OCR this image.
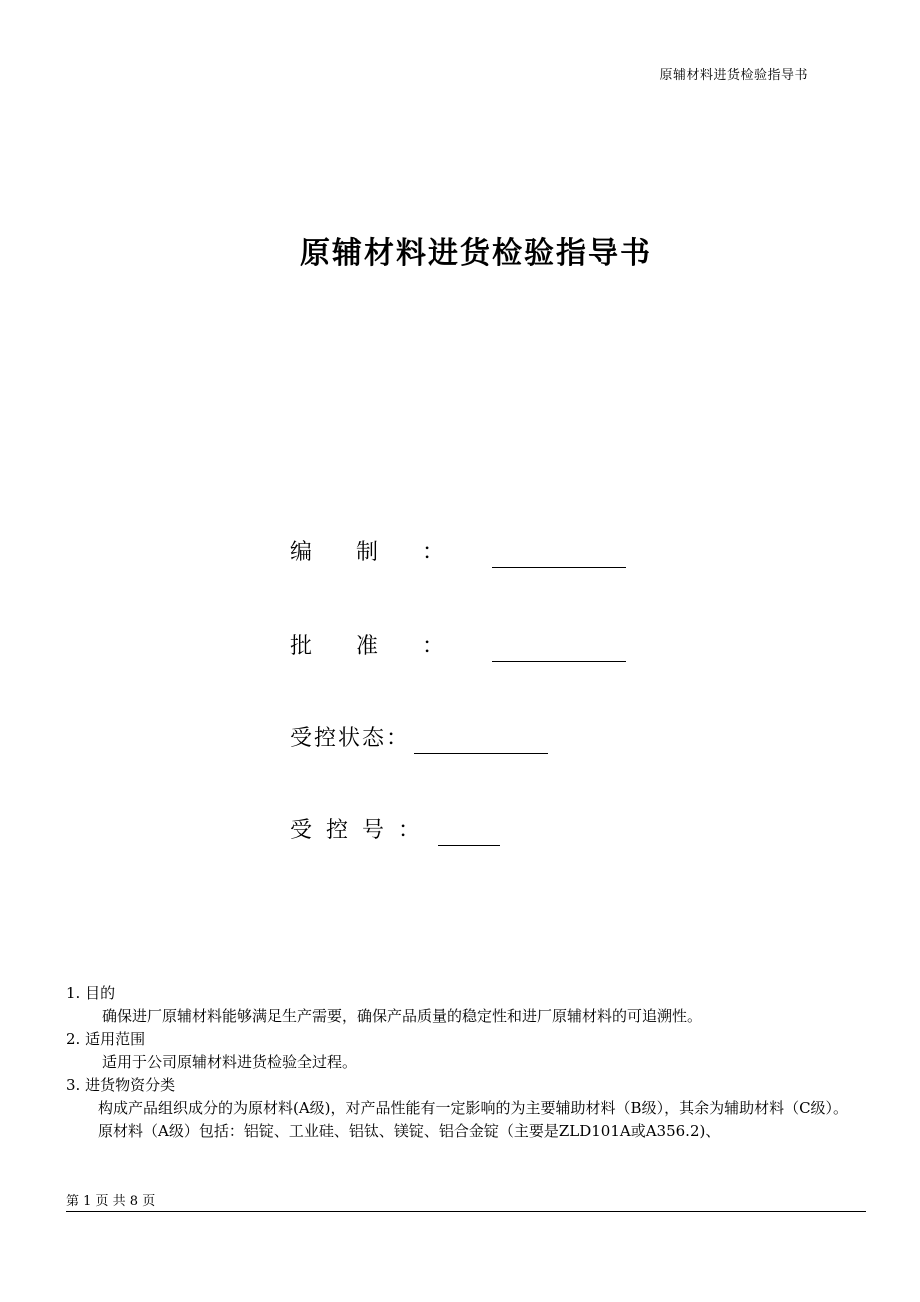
原辅材料进货检验指导书
原辅材料进货检验指导书
编制：
批准：
受控状态：
受控号：

1. 目的

确保进厂原辅材料能够满足生产需要，确保产品质量的稳定性和进厂原辅材料的可追溯性。

2. 适用范围

适用于公司原辅材料进货检验全过程。

3. 进货物资分类

构成产品组织成分的为原材料(A级)，对产品性能有一定影响的为主要辅助材料（B级），其余为辅助材料（C级）。

原材料（A级）包括：铝锭、工业硅、铝钛、镁锭、铝合金锭（主要是ZLD101A或A356.2)、

第 1 页 共 8 页
